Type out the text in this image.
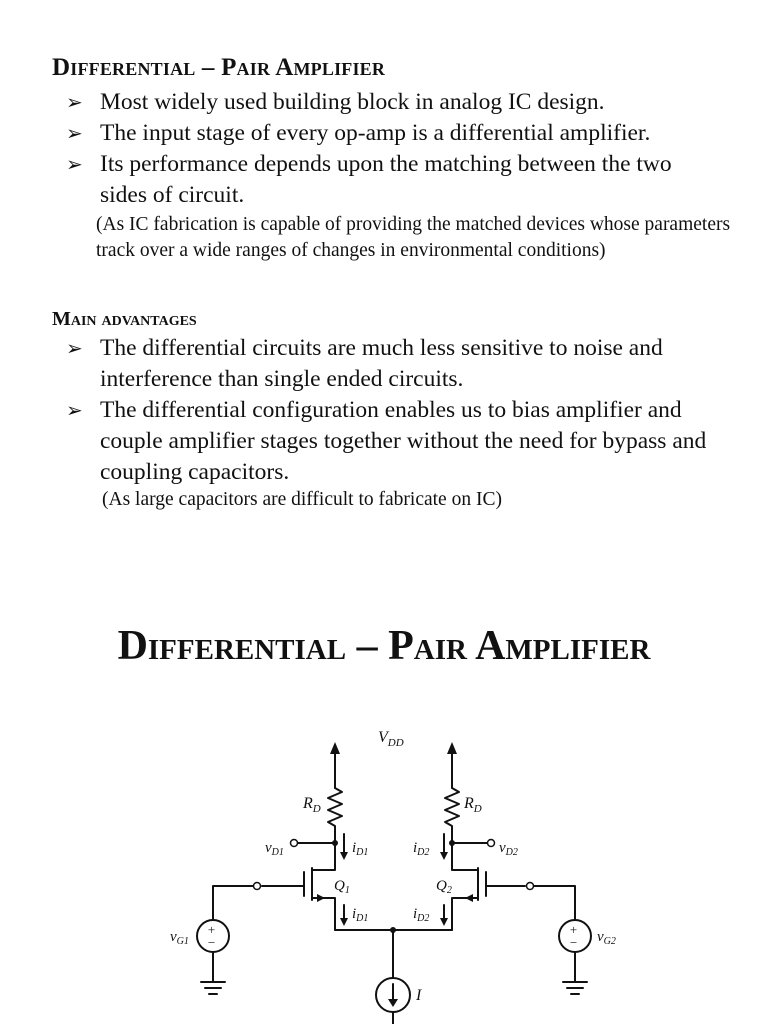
Differential – Pair Amplifier
➢ Most widely used building block in analog IC design.
➢ The input stage of every op-amp is a differential amplifier.
➢ Its performance depends upon the matching between the two sides of circuit.
(As IC fabrication is capable of providing the matched devices whose parameters track over a wide ranges of changes in environmental conditions)
Main advantages
➢ The differential circuits are much less sensitive to noise and interference than single ended circuits.
➢ The differential configuration enables us to bias amplifier and couple amplifier stages together without the need for bypass and coupling capacitors.
(As large capacitors are difficult to fabricate on IC)
Differential – Pair Amplifier
$V_{DD}$
$R_D$	$R_D$
$v_{D1}$	$v_{D2}$
$i_{D1}$	$i_{D2}$
$i_{D1}$	$i_{D2}$
$Q_1$	$Q_2$
$v_{G1}$	$v_{G2}$
I
+
−
+
−
